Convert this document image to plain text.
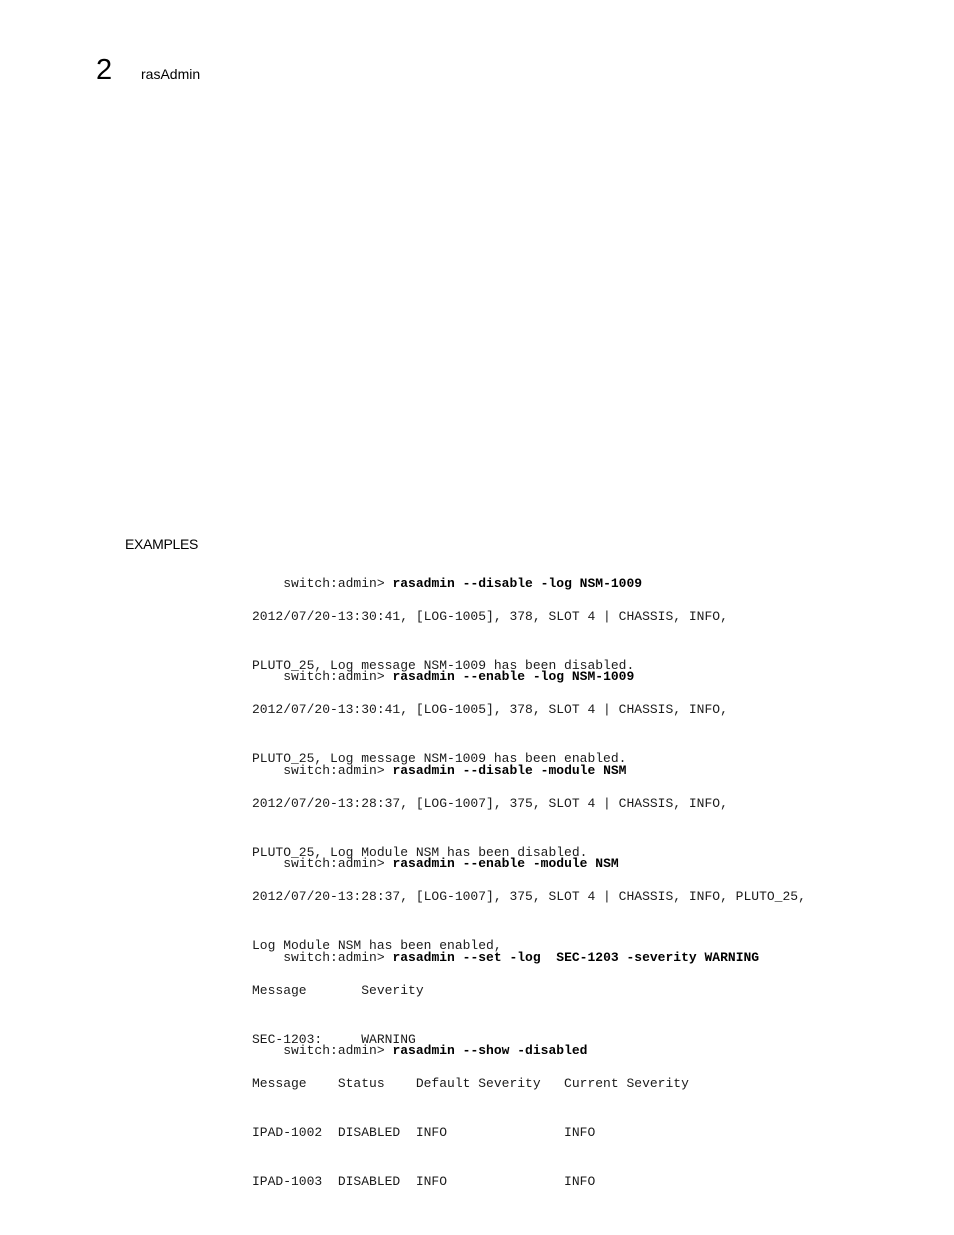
2 rasAdmin
EXAMPLES

switch:admin> rasadmin --disable -log NSM-1009

2012/07/20-13:30:41, [LOG-1005], 378, SLOT 4 | CHASSIS, INFO,

PLUTO_25, Log message NSM-1009 has been disabled.

switch:admin> rasadmin --enable -log NSM-1009

2012/07/20-13:30:41, [LOG-1005], 378, SLOT 4 | CHASSIS, INFO,

PLUTO_25, Log message NSM-1009 has been enabled.

switch:admin> rasadmin --disable -module NSM

2012/07/20-13:28:37, [LOG-1007], 375, SLOT 4 | CHASSIS, INFO,

PLUTO_25, Log Module NSM has been disabled.

switch:admin> rasadmin --enable -module NSM

2012/07/20-13:28:37, [LOG-1007], 375, SLOT 4 | CHASSIS, INFO, PLUTO_25,

Log Module NSM has been enabled,

switch:admin> rasadmin --set -log  SEC-1203 -severity WARNING

Message       Severity

SEC-1203:     WARNING

switch:admin> rasadmin --show -disabled

Message    Status    Default Severity   Current Severity

IPAD-1002  DISABLED  INFO               INFO

IPAD-1003  DISABLED  INFO               INFO
